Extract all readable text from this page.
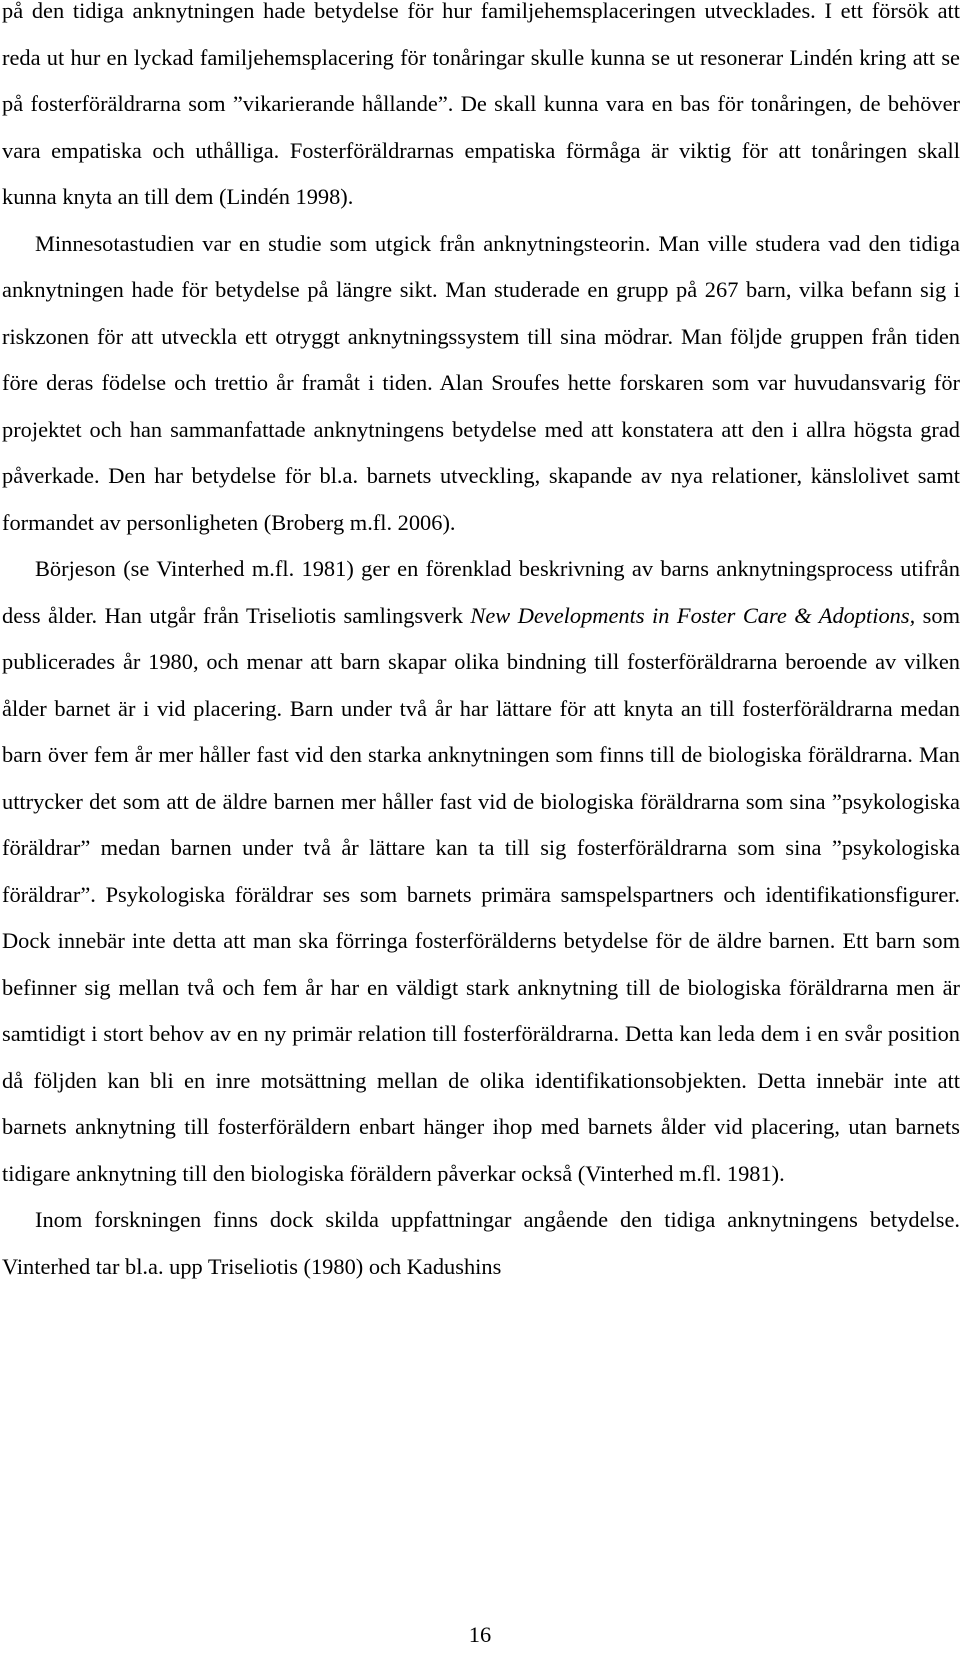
på den tidiga anknytningen hade betydelse för hur familjehemsplaceringen utvecklades. I ett försök att reda ut hur en lyckad familjehemsplacering för tonåringar skulle kunna se ut resonerar Lindén kring att se på fosterföräldrarna som ”vikarierande hållande”. De skall kunna vara en bas för tonåringen, de behöver vara empatiska och uthålliga. Fosterföräldrarnas empatiska förmåga är viktig för att tonåringen skall kunna knyta an till dem (Lindén 1998).

Minnesotastudien var en studie som utgick från anknytningsteorin. Man ville studera vad den tidiga anknytningen hade för betydelse på längre sikt. Man studerade en grupp på 267 barn, vilka befann sig i riskzonen för att utveckla ett otryggt anknytningssystem till sina mödrar. Man följde gruppen från tiden före deras födelse och trettio år framåt i tiden. Alan Sroufes hette forskaren som var huvudansvarig för projektet och han sammanfattade anknytningens betydelse med att konstatera att den i allra högsta grad påverkade. Den har betydelse för bl.a. barnets utveckling, skapande av nya relationer, känslolivet samt formandet av personligheten (Broberg m.fl. 2006).

Börjeson (se Vinterhed m.fl. 1981) ger en förenklad beskrivning av barns anknytningsprocess utifrån dess ålder. Han utgår från Triseliotis samlingsverk New Developments in Foster Care & Adoptions, som publicerades år 1980, och menar att barn skapar olika bindning till fosterföräldrarna beroende av vilken ålder barnet är i vid placering. Barn under två år har lättare för att knyta an till fosterföräldrarna medan barn över fem år mer håller fast vid den starka anknytningen som finns till de biologiska föräldrarna. Man uttrycker det som att de äldre barnen mer håller fast vid de biologiska föräldrarna som sina ”psykologiska föräldrar” medan barnen under två år lättare kan ta till sig fosterföräldrarna som sina ”psykologiska föräldrar”. Psykologiska föräldrar ses som barnets primära samspelspartners och identifikationsfigurer. Dock innebär inte detta att man ska förringa fosterförälderns betydelse för de äldre barnen. Ett barn som befinner sig mellan två och fem år har en väldigt stark anknytning till de biologiska föräldrarna men är samtidigt i stort behov av en ny primär relation till fosterföräldrarna. Detta kan leda dem i en svår position då följden kan bli en inre motsättning mellan de olika identifikationsobjekten. Detta innebär inte att barnets anknytning till fosterföräldern enbart hänger ihop med barnets ålder vid placering, utan barnets tidigare anknytning till den biologiska föräldern påverkar också (Vinterhed m.fl. 1981).

Inom forskningen finns dock skilda uppfattningar angående den tidiga anknytningens betydelse. Vinterhed tar bl.a. upp Triseliotis (1980) och Kadushins

16
